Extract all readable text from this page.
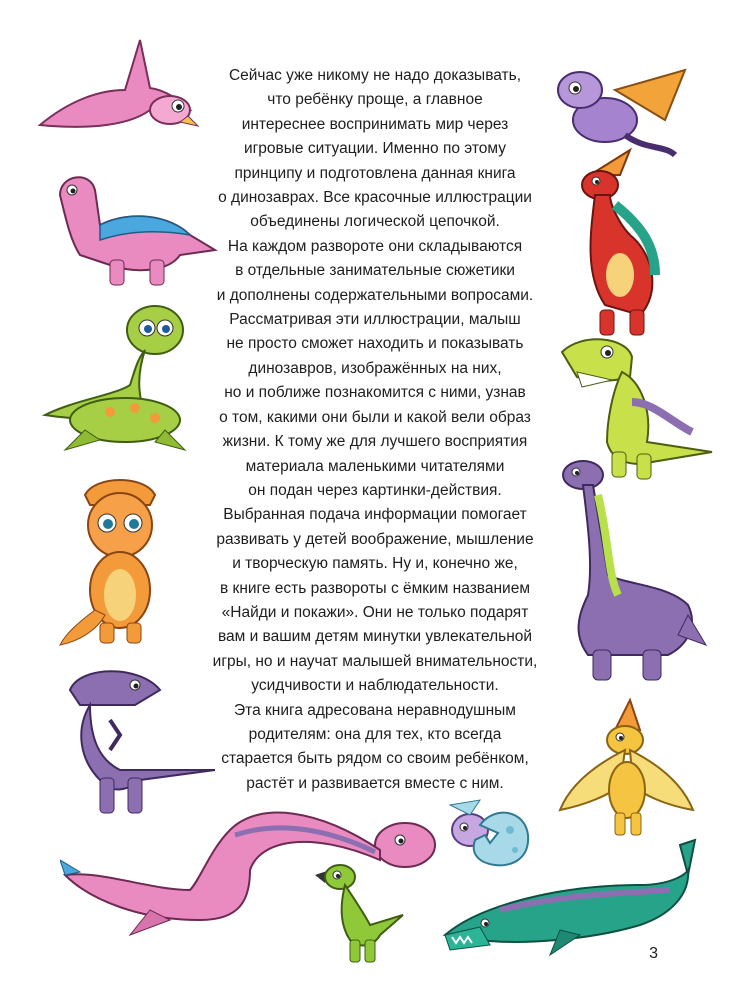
Сейчас уже никому не надо доказывать,
что ребёнку проще, а главное
интереснее воспринимать мир через
игровые ситуации. Именно по этому
принципу и подготовлена данная книга
о динозаврах. Все красочные иллюстрации
объединены логической цепочкой.
На каждом развороте они складываются
в отдельные занимательные сюжетики
и дополнены содержательными вопросами.
Рассматривая эти иллюстрации, малыш
не просто сможет находить и показывать
динозавров, изображённых на них,
но и поближе познакомится с ними, узнав
о том, какими они были и какой вели образ
жизни. К тому же для лучшего восприятия
материала маленькими читателями
он подан через картинки-действия.
Выбранная подача информации помогает
развивать у детей воображение, мышление
и творческую память. Ну и, конечно же,
в книге есть развороты с ёмким названием
«Найди и покажи». Они не только подарят
вам и вашим детям минутки увлекательной
игры, но и научат малышей внимательности,
усидчивости и наблюдательности.
Эта книга адресована неравнодушным
родителям: она для тех, кто всегда
старается быть рядом со своим ребёнком,
растёт и развивается вместе с ним.
3
